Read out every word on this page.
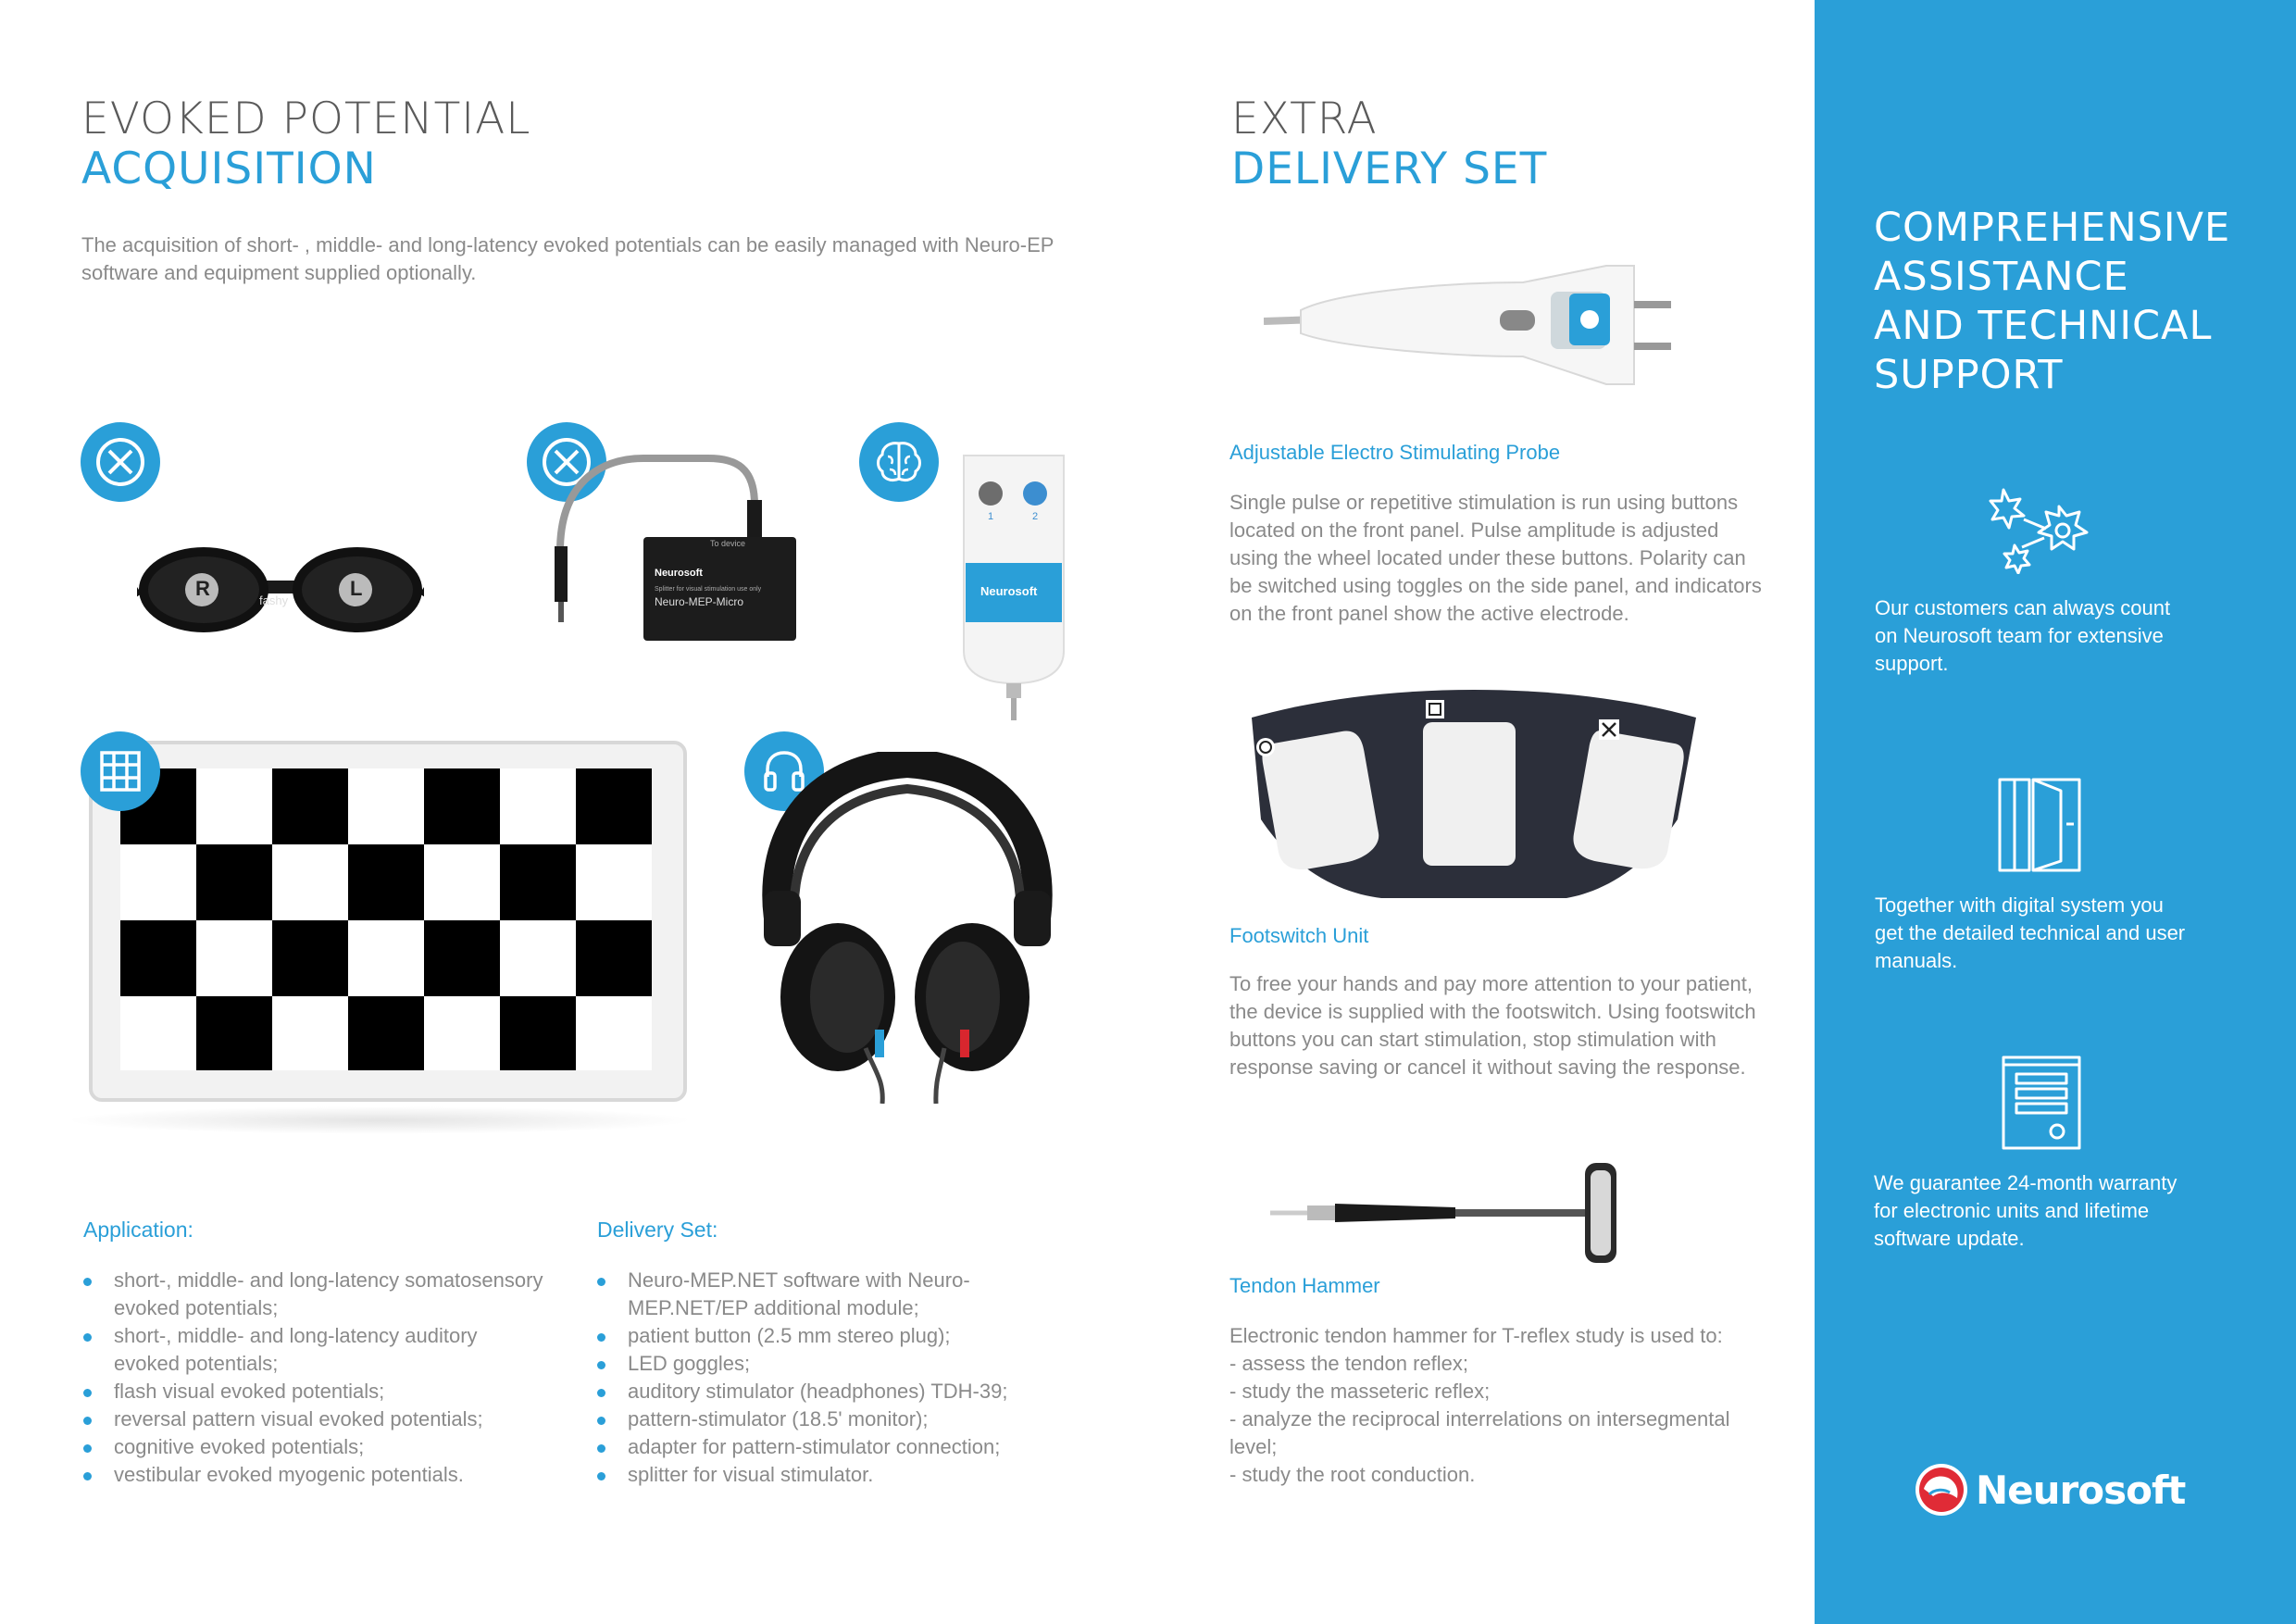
EVOKED POTENTIAL
ACQUISITION
The acquisition of short- , middle- and long-latency evoked potentials can be easily managed with Neuro-EP
software and equipment supplied optionally.
R	L
fashy
To device
Neurosoft
Splitter for visual stimulation use only
Neuro-MEP-Micro
1	2
Neurosoft
Application:
short-, middle- and long-latency somatosensory evoked potentials;
short-, middle- and long-latency auditory evoked potentials;
flash visual evoked potentials;
reversal pattern visual evoked potentials;
cognitive evoked potentials;
vestibular evoked myogenic potentials.
Delivery Set:
Neuro-MEP.NET software with Neuro-MEP.NET/EP additional module;
patient button (2.5 mm stereo plug);
LED goggles;
auditory stimulator (headphones) TDH-39;
pattern-stimulator (18.5' monitor);
adapter for pattern-stimulator connection;
splitter for visual stimulator.
EXTRA
DELIVERY SET
Adjustable Electro Stimulating Probe
Single pulse or repetitive stimulation is run using buttons
located on the front panel. Pulse amplitude is adjusted
using the wheel located under these buttons. Polarity can
be switched using toggles on the side panel, and indicators
on the front panel show the active electrode.
Footswitch Unit
To free your hands and pay more attention to your patient,
the device is supplied with the footswitch. Using footswitch
buttons you can start stimulation, stop stimulation with
response saving or cancel it without saving the response.
Tendon Hammer
Electronic tendon hammer for T-reflex study is used to:
- assess the tendon reflex;
- study the masseteric reflex;
- analyze the reciprocal interrelations on intersegmental
level;
- study the root conduction.
COMPREHENSIVE
ASSISTANCE
AND TECHNICAL
SUPPORT
Our customers can always count
on Neurosoft team for extensive
support.
Together with digital system you
get the detailed technical and user
manuals.
We guarantee 24-month warranty
for electronic units and lifetime
software update.
Neurosoft
